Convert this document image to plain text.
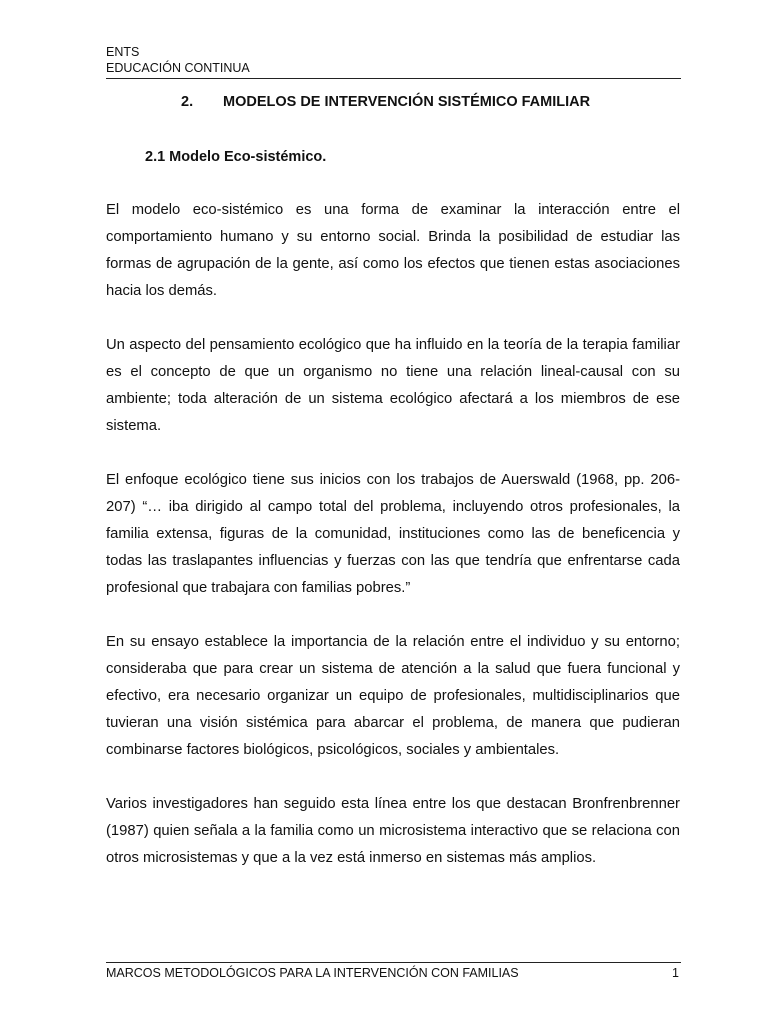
ENTS
EDUCACIÓN CONTINUA
2. MODELOS DE INTERVENCIÓN SISTÉMICO FAMILIAR
2.1 Modelo Eco-sistémico.

El modelo eco-sistémico es una forma de examinar la interacción entre el comportamiento humano y su entorno social. Brinda la posibilidad de estudiar las formas de agrupación de la gente, así como los efectos que tienen estas asociaciones hacia los demás.

Un aspecto del pensamiento ecológico que ha influido en la teoría de la terapia familiar es el concepto de que un organismo no tiene una relación lineal-causal con su ambiente; toda alteración de un sistema ecológico afectará a los miembros de ese sistema.

El enfoque ecológico tiene sus inicios con los trabajos de Auerswald (1968, pp. 206-207) “… iba dirigido al campo total del problema, incluyendo otros profesionales, la familia extensa, figuras de la comunidad, instituciones como las de beneficencia y todas las traslapantes influencias y fuerzas con las que tendría que enfrentarse cada profesional que trabajara con familias pobres.”

En su ensayo establece la importancia de la relación entre el individuo y su entorno; consideraba que para crear un sistema de atención a la salud que fuera funcional y efectivo, era necesario organizar un equipo de profesionales, multidisciplinarios que tuvieran una visión sistémica para abarcar el problema, de manera que pudieran combinarse factores biológicos, psicológicos, sociales y ambientales.

Varios investigadores han seguido esta línea entre los que destacan Bronfrenbrenner (1987) quien señala a la familia como un microsistema interactivo que se relaciona con otros microsistemas y que a la vez está inmerso en sistemas más amplios.

MARCOS METODOLÓGICOS PARA LA INTERVENCIÓN CON FAMILIAS	1
